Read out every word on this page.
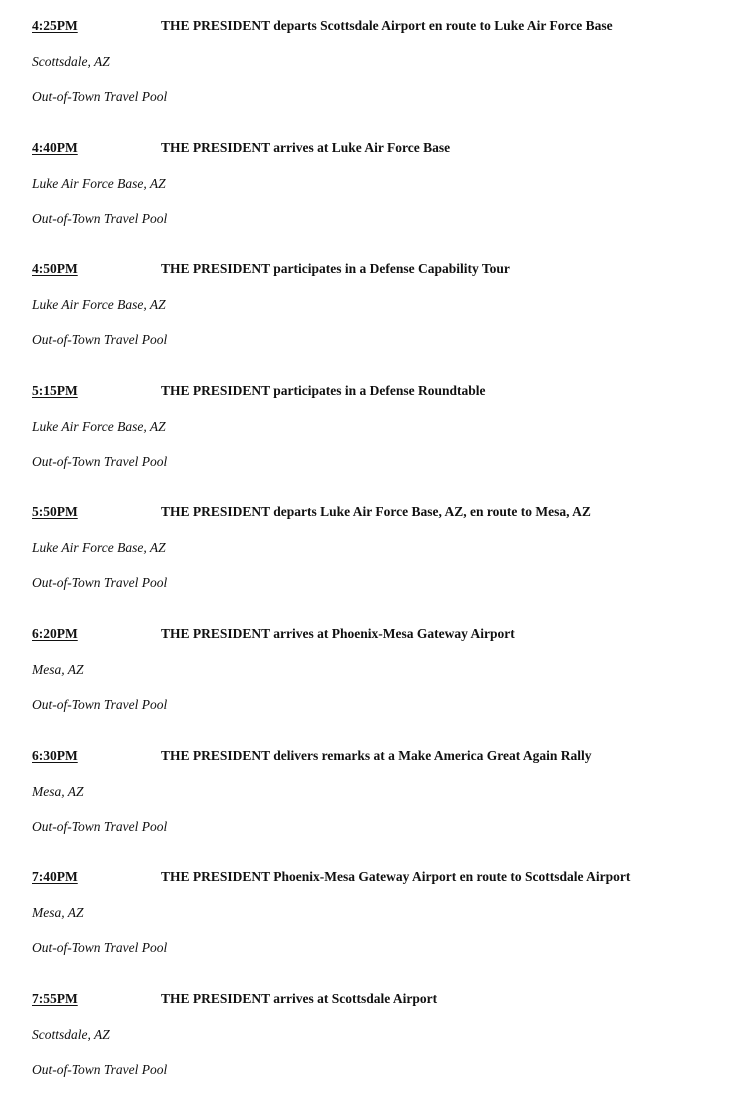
4:25PM	THE PRESIDENT departs Scottsdale Airport en route to Luke Air Force Base
Scottsdale, AZ
Out-of-Town Travel Pool
4:40PM	THE PRESIDENT arrives at Luke Air Force Base
Luke Air Force Base, AZ
Out-of-Town Travel Pool
4:50PM	THE PRESIDENT participates in a Defense Capability Tour
Luke Air Force Base, AZ
Out-of-Town Travel Pool
5:15PM	THE PRESIDENT participates in a Defense Roundtable
Luke Air Force Base, AZ
Out-of-Town Travel Pool
5:50PM	THE PRESIDENT departs Luke Air Force Base, AZ, en route to Mesa, AZ
Luke Air Force Base, AZ
Out-of-Town Travel Pool
6:20PM	THE PRESIDENT arrives at Phoenix-Mesa Gateway Airport
Mesa, AZ
Out-of-Town Travel Pool
6:30PM	THE PRESIDENT delivers remarks at a Make America Great Again Rally
Mesa, AZ
Out-of-Town Travel Pool
7:40PM	THE PRESIDENT Phoenix-Mesa Gateway Airport en route to Scottsdale Airport
Mesa, AZ
Out-of-Town Travel Pool
7:55PM	THE PRESIDENT arrives at Scottsdale Airport
Scottsdale, AZ
Out-of-Town Travel Pool
